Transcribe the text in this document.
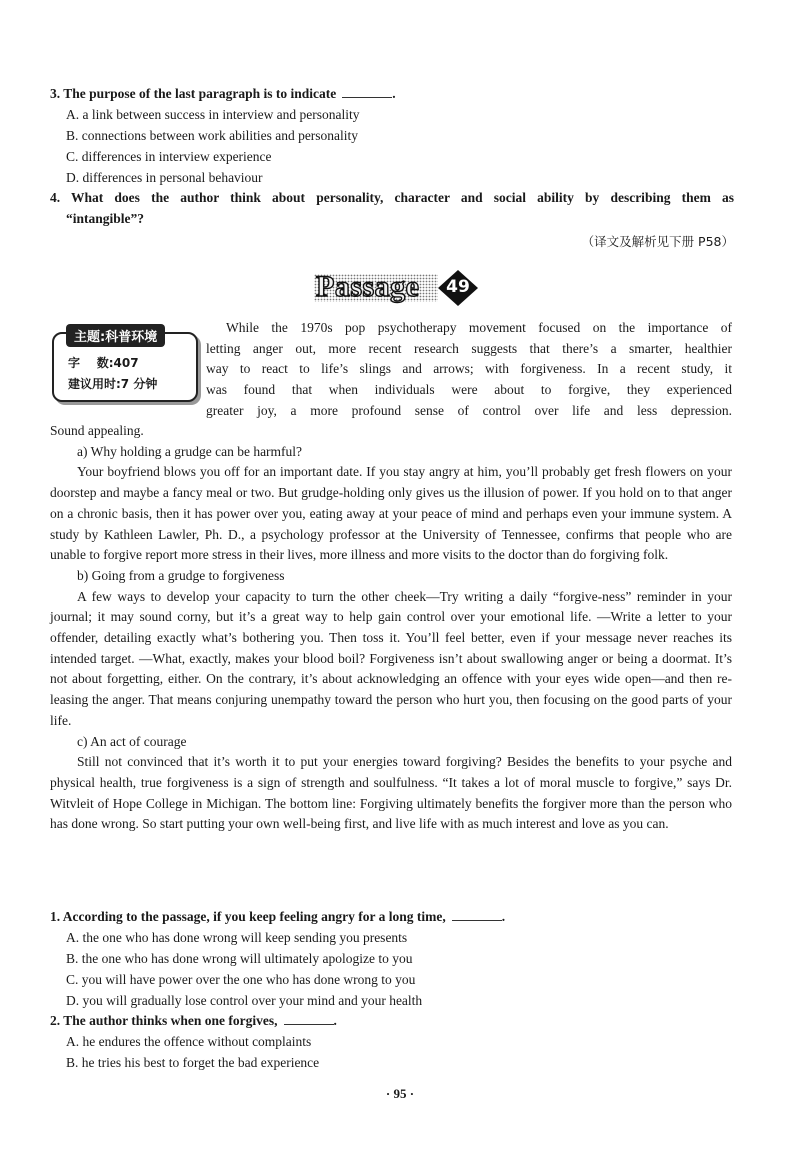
3. The purpose of the last paragraph is to indicate	.
A. a link between success in interview and personality
B. connections between work abilities and personality
C. differences in interview experience
D. differences in personal behaviour
4. What does the author think about personality, character and social ability by describing them as
“intangible”?
（译文及解析见下册 P58）
Passage	49
主题:科普环境
字    数:407
建议用时:7 分钟
While the 1970s pop psychotherapy movement focused on the importance of
letting anger out, more recent research suggests that there’s a smarter, healthier
way to react to life’s slings and arrows; with forgiveness. In a recent study, it
was found that when individuals were about to forgive, they experienced
greater joy, a more profound sense of control over life and less depression.
Sound appealing.
a) Why holding a grudge can be harmful?
Your boyfriend blows you off for an important date. If you stay angry at him, you’ll probably get fresh flowers on your doorstep and maybe a fancy meal or two. But grudge-holding only gives us the illusion of power. If you hold on to that anger on a chronic basis, then it has power over you, eating away at your peace of mind and perhaps even your immune system. A study by Kathleen Lawler, Ph. D., a psychology professor at the University of Tennessee, confirms that people who are unable to forgive report more stress in their lives, more illness and more visits to the doctor than do forgiving folk.
b) Going from a grudge to forgiveness
A few ways to develop your capacity to turn the other cheek—Try writing a daily “forgive-ness” reminder in your journal; it may sound corny, but it’s a great way to help gain control over your emotional life. —Write a letter to your offender, detailing exactly what’s bothering you. Then toss it. You’ll feel better, even if your message never reaches its intended target. —What, exactly, makes your blood boil? Forgiveness isn’t about swallowing anger or being a doormat. It’s not about forgetting, either. On the contrary, it’s about acknowledging an offence with your eyes wide open—and then re-leasing the anger. That means conjuring unempathy toward the person who hurt you, then focusing on the good parts of your life.
c) An act of courage
Still not convinced that it’s worth it to put your energies toward forgiving? Besides the benefits to your psyche and physical health, true forgiveness is a sign of strength and soulfulness. “It takes a lot of moral muscle to forgive,” says Dr. Witvleit of Hope College in Michigan. The bottom line: Forgiving ultimately benefits the forgiver more than the person who has done wrong. So start putting your own well-being first, and live life with as much interest and love as you can.
1. According to the passage, if you keep feeling angry for a long time,	.
A. the one who has done wrong will keep sending you presents
B. the one who has done wrong will ultimately apologize to you
C. you will have power over the one who has done wrong to you
D. you will gradually lose control over your mind and your health
2. The author thinks when one forgives,	.
A. he endures the offence without complaints
B. he tries his best to forget the bad experience
· 95 ·
